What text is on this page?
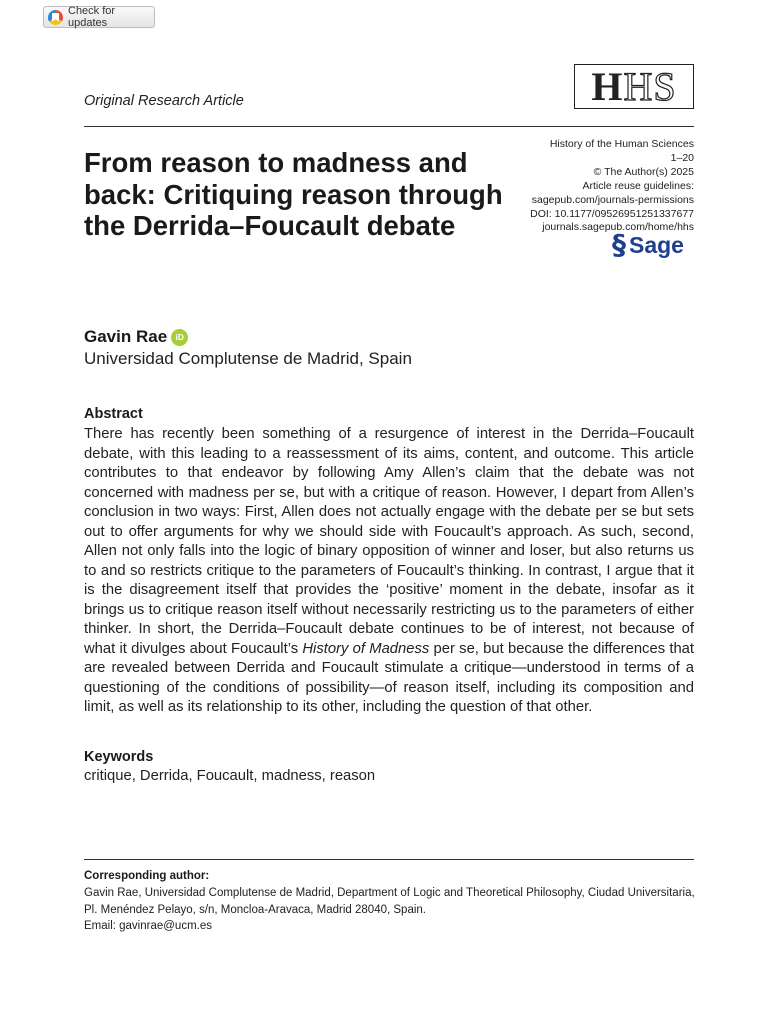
Check for updates
H HS
Original Research Article
From reason to madness and back: Critiquing reason through the Derrida–Foucault debate
History of the Human Sciences
1–20
© The Author(s) 2025
Article reuse guidelines:
sagepub.com/journals-permissions
DOI: 10.1177/09526951251337677
journals.sagepub.com/home/hhs
§ Sage
Gavin Rae iD
Universidad Complutense de Madrid, Spain
Abstract

There has recently been something of a resurgence of interest in the Derrida–Foucault debate, with this leading to a reassessment of its aims, content, and outcome. This article contributes to that endeavor by following Amy Allen’s claim that the debate was not concerned with madness per se, but with a critique of reason. However, I depart from Allen’s conclusion in two ways: First, Allen does not actually engage with the debate per se but sets out to offer arguments for why we should side with Foucault’s approach. As such, second, Allen not only falls into the logic of binary opposition of winner and loser, but also returns us to and so restricts critique to the parameters of Foucault’s thinking. In contrast, I argue that it is the disagreement itself that provides the ‘positive’ moment in the debate, insofar as it brings us to critique reason itself without necessarily restricting us to the parameters of either thinker. In short, the Derrida–Foucault debate continues to be of interest, not because of what it divulges about Foucault’s History of Madness per se, but because the differences that are revealed between Derrida and Foucault stimulate a critique—understood in terms of a questioning of the conditions of possibility—of reason itself, including its composition and limit, as well as its relationship to its other, including the question of that other.

Keywords
critique, Derrida, Foucault, madness, reason
Corresponding author:
Gavin Rae, Universidad Complutense de Madrid, Department of Logic and Theoretical Philosophy, Ciudad Universitaria, Pl. Menéndez Pelayo, s/n, Moncloa-Aravaca, Madrid 28040, Spain.
Email: gavinrae@ucm.es
